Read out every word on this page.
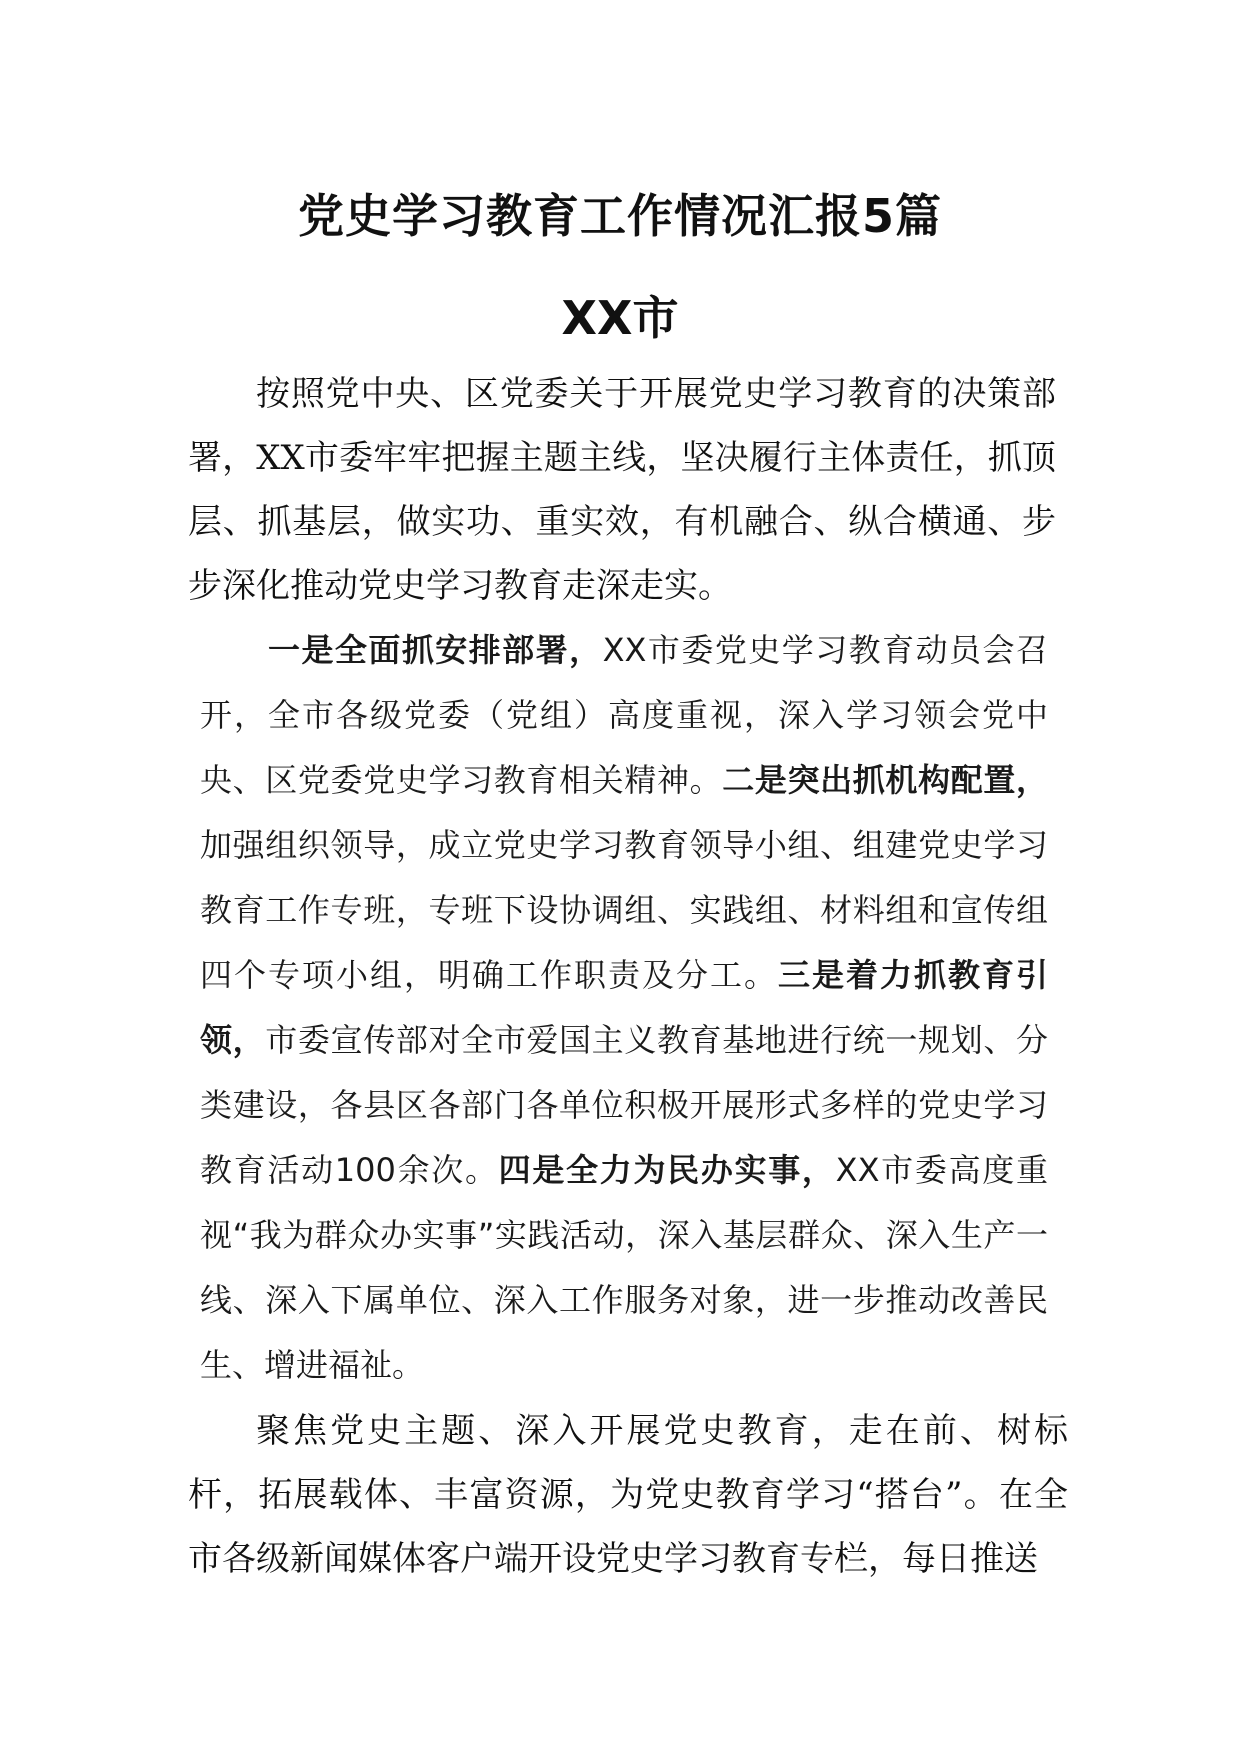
党史学习教育工作情况汇报5篇
XX市

按照党中央、区党委关于开展党史学习教育的决策部署，XX市委牢牢把握主题主线，坚决履行主体责任，抓顶层、抓基层，做实功、重实效，有机融合、纵合横通、步步深化推动党史学习教育走深走实。

一是全面抓安排部署，XX市委党史学习教育动员会召开，全市各级党委（党组）高度重视，深入学习领会党中央、区党委党史学习教育相关精神。二是突出抓机构配置，加强组织领导，成立党史学习教育领导小组、组建党史学习教育工作专班，专班下设协调组、实践组、材料组和宣传组四个专项小组，明确工作职责及分工。三是着力抓教育引领，市委宣传部对全市爱国主义教育基地进行统一规划、分类建设，各县区各部门各单位积极开展形式多样的党史学习教育活动100余次。四是全力为民办实事，XX市委高度重视“我为群众办实事”实践活动，深入基层群众、深入生产一线、深入下属单位、深入工作服务对象，进一步推动改善民生、增进福祉。

聚焦党史主题、深入开展党史教育，走在前、树标杆，拓展载体、丰富资源，为党史教育学习“搭台”。在全市各级新闻媒体客户端开设党史学习教育专栏，每日推送
